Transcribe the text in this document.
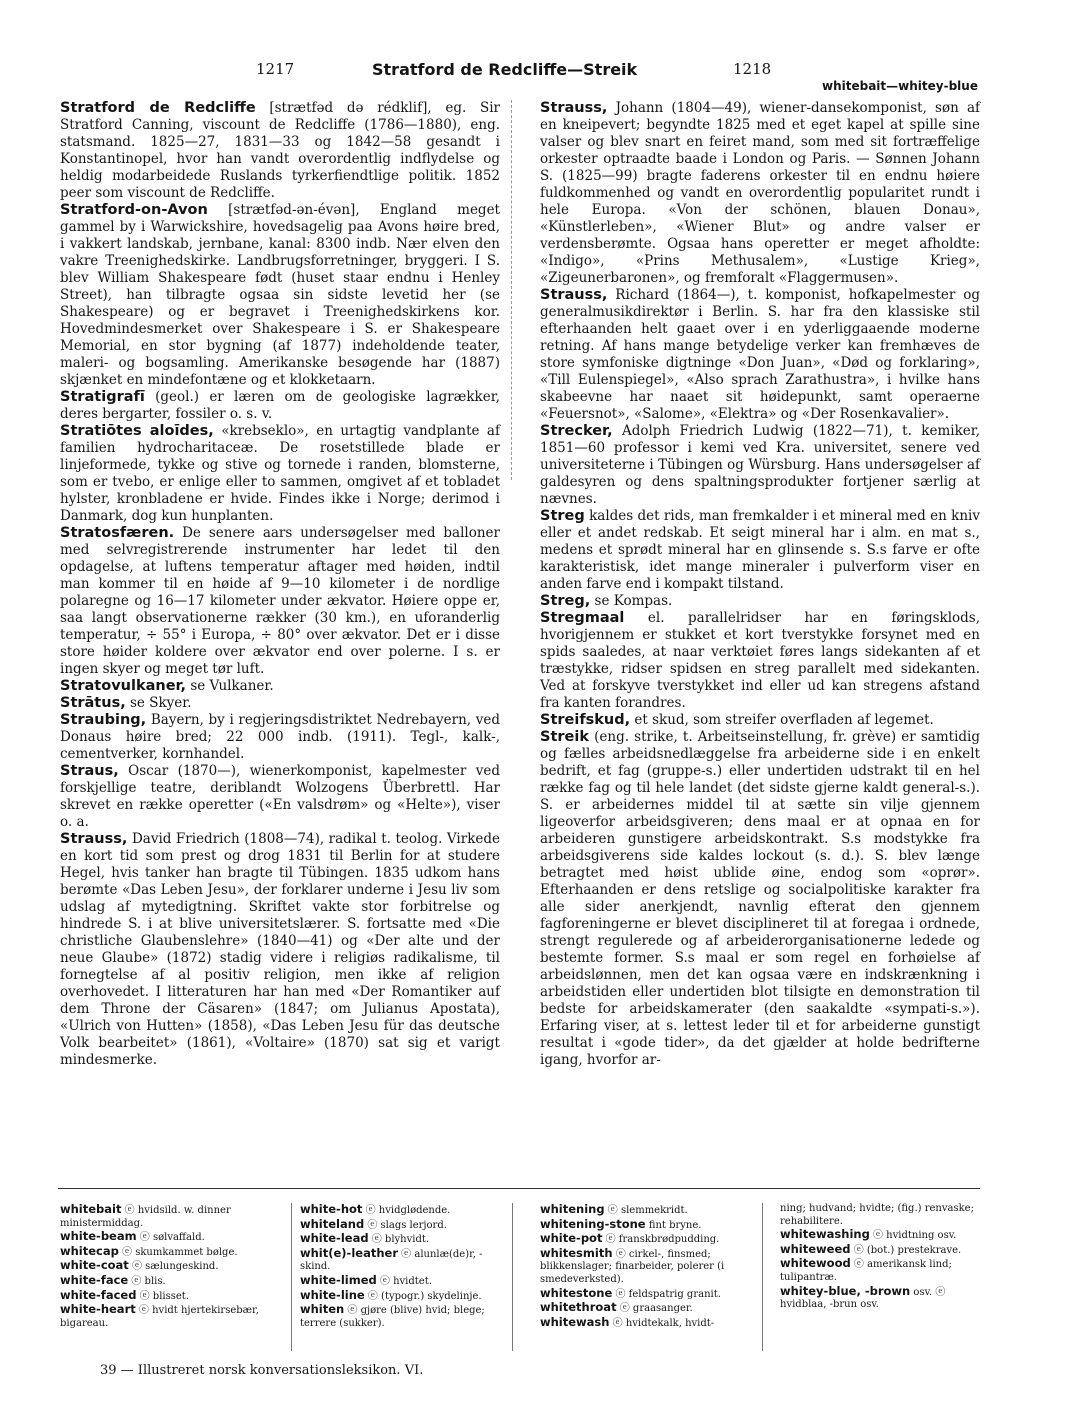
1217	Stratford de Redcliffe—Streik	1218
whitebait—whitey-blue

Stratford de Redcliffe [strætfəd də rédklif], eg. Sir Stratford Canning, viscount de Redcliffe (1786—1880), eng. statsmand. 1825—27, 1831—33 og 1842—58 gesandt i Konstantinopel, hvor han vandt overordentlig indflydelse og heldig modarbeidede Ruslands tyrkerfiendtlige politik. 1852 peer som viscount de Redcliffe.

Stratford-on-Avon [strætfəd-ən-évən], England meget gammel by i Warwickshire, hovedsagelig paa Avons høire bred, i vakkert landskab, jernbane, kanal: 8300 indb. Nær elven den vakre Treenighedskirke. Landbrugsforretninger, bryggeri. I S. blev William Shakespeare født (huset staar endnu i Henley Street), han tilbragte ogsaa sin sidste levetid her (se Shakespeare) og er begravet i Treenighedskirkens kor. Hovedmindesmerket over Shakespeare i S. er Shakespeare Memorial, en stor bygning (af 1877) indeholdende teater, maleri- og bogsamling. Amerikanske besøgende har (1887) skjænket en mindefontæne og et klokketaarn.

Stratigrafī (geol.) er læren om de geologiske lagrækker, deres bergarter, fossiler o. s. v.

Stratiōtes aloīdes, «krebseklo», en urtagtig vandplante af familien hydrocharitaceæ. De rosetstillede blade er linjeformede, tykke og stive og tornede i randen, blomsterne, som er tvebo, er enlige eller to sammen, omgivet af et tobladet hylster, kronbladene er hvide. Findes ikke i Norge; derimod i Danmark, dog kun hunplanten.

Stratosfæren. De senere aars undersøgelser med balloner med selvregistrerende instrumenter har ledet til den opdagelse, at luftens temperatur aftager med høiden, indtil man kommer til en høide af 9—10 kilometer i de nordlige polaregne og 16—17 kilometer under ækvator. Høiere oppe er, saa langt observationerne rækker (30 km.), en uforanderlig temperatur, ÷ 55° i Europa, ÷ 80° over ækvator. Det er i disse store høider koldere over ækvator end over polerne. I s. er ingen skyer og meget tør luft.

Stratovulkaner, se Vulkaner.

Strātus, se Skyer.

Straubing, Bayern, by i regjeringsdistriktet Nedrebayern, ved Donaus høire bred; 22 000 indb. (1911). Tegl-, kalk-, cementverker, kornhandel.

Straus, Oscar (1870—), wienerkomponist, kapelmester ved forskjellige teatre, deriblandt Wolzogens Überbrettl. Har skrevet en række operetter («En valsdrøm» og «Helte»), viser o. a.

Strauss, David Friedrich (1808—74), radikal t. teolog. Virkede en kort tid som prest og drog 1831 til Berlin for at studere Hegel, hvis tanker han bragte til Tübingen. 1835 udkom hans berømte «Das Leben Jesu», der forklarer underne i Jesu liv som udslag af mytedigtning. Skriftet vakte stor forbitrelse og hindrede S. i at blive universitetslærer. S. fortsatte med «Die christliche Glaubenslehre» (1840—41) og «Der alte und der neue Glaube» (1872) stadig videre i religiøs radikalisme, til fornegtelse af al positiv religion, men ikke af religion overhovedet. I litteraturen har han med «Der Romantiker auf dem Throne der Cäsaren» (1847; om Julianus Apostata), «Ulrich von Hutten» (1858), «Das Leben Jesu für das deutsche Volk bearbeitet» (1861), «Voltaire» (1870) sat sig et varigt mindesmerke.

Strauss, Johann (1804—49), wiener-dansekomponist, søn af en kneipevert; begyndte 1825 med et eget kapel at spille sine valser og blev snart en feiret mand, som med sit fortræffelige orkester optraadte baade i London og Paris. — Sønnen Johann S. (1825—99) bragte faderens orkester til en endnu høiere fuldkommenhed og vandt en overordentlig popularitet rundt i hele Europa. «Von der schönen, blauen Donau», «Künstlerleben», «Wiener Blut» og andre valser er verdensberømte. Ogsaa hans operetter er meget afholdte: «Indigo», «Prins Methusalem», «Lustige Krieg», «Zigeunerbaronen», og fremforalt «Flaggermusen».

Strauss, Richard (1864—), t. komponist, hofkapelmester og generalmusikdirektør i Berlin. S. har fra den klassiske stil efterhaanden helt gaaet over i en yderliggaaende moderne retning. Af hans mange betydelige verker kan fremhæves de store symfoniske digtninge «Don Juan», «Død og forklaring», «Till Eulenspiegel», «Also sprach Zarathustra», i hvilke hans skabeevne har naaet sit høidepunkt, samt operaerne «Feuersnot», «Salome», «Elektra» og «Der Rosenkavalier».

Strecker, Adolph Friedrich Ludwig (1822—71), t. kemiker, 1851—60 professor i kemi ved Kra. universitet, senere ved universiteterne i Tübingen og Würsburg. Hans undersøgelser af galdesyren og dens spaltningsprodukter fortjener særlig at nævnes.

Streg kaldes det rids, man fremkalder i et mineral med en kniv eller et andet redskab. Et seigt mineral har i alm. en mat s., medens et sprødt mineral har en glinsende s. S.s farve er ofte karakteristisk, idet mange mineraler i pulverform viser en anden farve end i kompakt tilstand.

Streg, se Kompas.

Stregmaal el. parallelridser har en føringsklods, hvorigjennem er stukket et kort tverstykke forsynet med en spids saaledes, at naar verktøiet føres langs sidekanten af et træstykke, ridser spidsen en streg parallelt med sidekanten. Ved at forskyve tverstykket ind eller ud kan stregens afstand fra kanten forandres.

Streifskud, et skud, som streifer overfladen af legemet.

Streik (eng. strike, t. Arbeitseinstellung, fr. grève) er samtidig og fælles arbeidsnedlæggelse fra arbeiderne side i en enkelt bedrift, et fag (gruppe-s.) eller undertiden udstrakt til en hel række fag og til hele landet (det sidste gjerne kaldt general-s.). S. er arbeidernes middel til at sætte sin vilje gjennem ligeoverfor arbeidsgiveren; dens maal er at opnaa en for arbeideren gunstigere arbeidskontrakt. S.s modstykke fra arbeidsgiverens side kaldes lockout (s. d.). S. blev længe betragtet med høist ublide øine, endog som «oprør». Efterhaanden er dens retslige og socialpolitiske karakter fra alle sider anerkjendt, navnlig efterat den gjennem fagforeningerne er blevet disciplineret til at foregaa i ordnede, strengt regulerede og af arbeiderorganisationerne ledede og bestemte former. S.s maal er som regel en forhøielse af arbeidslønnen, men det kan ogsaa være en indskrænkning i arbeidstiden eller undertiden blot tilsigte en demonstration til bedste for arbeidskamerater (den saakaldte «sympati-s.»). Erfaring viser, at s. lettest leder til et for arbeiderne gunstigt resultat i «gode tider», da det gjælder at holde bedrifterne igang, hvorfor ar-

whitebait ⓔ hvidsild. w. dinner ministermiddag.

white-beam ⓔ sølvaffald.

whitecap ⓔ skumkammet bølge.

white-coat ⓔ sælungeskind.

white-face ⓔ blis.

white-faced ⓔ blisset.

white-heart ⓔ hvidt hjertekirsebær, bigareau.

white-hot ⓔ hvidglødende.

whiteland ⓔ slags lerjord.

white-lead ⓔ blyhvidt.

whit(e)-leather ⓔ alunlæ(de)r, -skind.

white-limed ⓔ hvidtet.

white-line ⓔ (typogr.) skydelinje.

whiten ⓔ gjøre (blive) hvid; blege; terrere (sukker).

whitening ⓔ slemmekridt.

whitening-stone fint bryne.

white-pot ⓔ franskbrødpudding.

whitesmith ⓔ cirkel-, finsmed; blikkenslager; finarbeider, polerer (i smedeverksted).

whitestone ⓔ feldspatrig granit.

whitethroat ⓔ graasanger.

whitewash ⓔ hvidtekalk, hvidt-

ning; hudvand; hvidte; (fig.) renvaske; rehabilitere.

whitewashing ⓔ hvidtning osv.

whiteweed ⓔ (bot.) prestekrave.

whitewood ⓔ amerikansk lind; tulipantræ.

whitey-blue, -brown osv. ⓔ hvidblaa, -brun osv.

39 — Illustreret norsk konversationsleksikon. VI.
